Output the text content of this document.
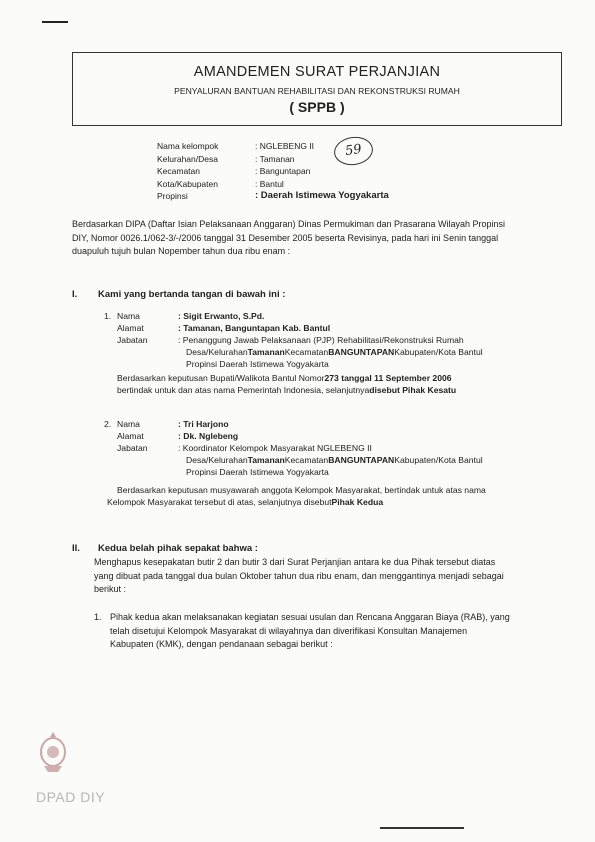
AMANDEMEN SURAT PERJANJIAN
PENYALURAN BANTUAN REHABILITASI DAN REKONSTRUKSI RUMAH
( SPPB )
Nama kelompok	: NGLEBENG II
Kelurahan/Desa	: Tamanan
Kecamatan	: Banguntapan
Kota/Kabupaten	: Bantul
Propinsi	: Daerah Istimewa Yogyakarta
59
Berdasarkan DIPA (Daftar Isian Pelaksanaan Anggaran) Dinas Permukiman dan Prasarana Wilayah Propinsi
DIY, Nomor 0026.1/062-3/-/2006 tanggal 31 Desember 2005 beserta Revisinya, pada hari ini Senin tanggal
duapuluh tujuh bulan Nopember tahun dua ribu enam :
I. Kami yang bertanda tangan di bawah ini :
1. Nama	: Sigit Erwanto, S.Pd.
Alamat	: Tamanan, Banguntapan Kab. Bantul
Jabatan	: Penanggung Jawab Pelaksanaan (PJP) Rehabilitasi/Rekonstruksi Rumah
Desa/Kelurahan Tamanan Kecamatan BANGUNTAPAN Kabupaten/Kota Bantul
Propinsi Daerah Istimewa Yogyakarta
Berdasarkan keputusan Bupati/Walikota Bantul Nomor 273 tanggal 11 September 2006
bertindak untuk dan atas nama Pemerintah Indonesia, selanjutnya disebut Pihak Kesatu
2. Nama	: Tri Harjono
Alamat	: Dk. Nglebeng
Jabatan	: Koordinator Kelompok Masyarakat NGLEBENG II
Desa/Kelurahan Tamanan Kecamatan BANGUNTAPAN Kabupaten/Kota Bantul
Propinsi Daerah Istimewa Yogyakarta
Berdasarkan keputusan musyawarah anggota Kelompok Masyarakat, bertindak untuk atas nama
Kelompok Masyarakat tersebut di atas, selanjutnya disebut Pihak Kedua
II. Kedua belah pihak sepakat bahwa :
Menghapus kesepakatan butir 2 dan butir 3 dari Surat Perjanjian antara ke dua Pihak tersebut diatas
yang dibuat pada tanggal dua bulan Oktober tahun dua ribu enam, dan menggantinya menjadi sebagai
berikut :
1. Pihak kedua akan melaksanakan kegiatan sesuai usulan dan Rencana Anggaran Biaya (RAB), yang
telah disetujui Kelompok Masyarakat di wilayahnya dan diverifikasi Konsultan Manajemen
Kabupaten (KMK), dengan pendanaan sebagai berikut :
DPAD DIY
